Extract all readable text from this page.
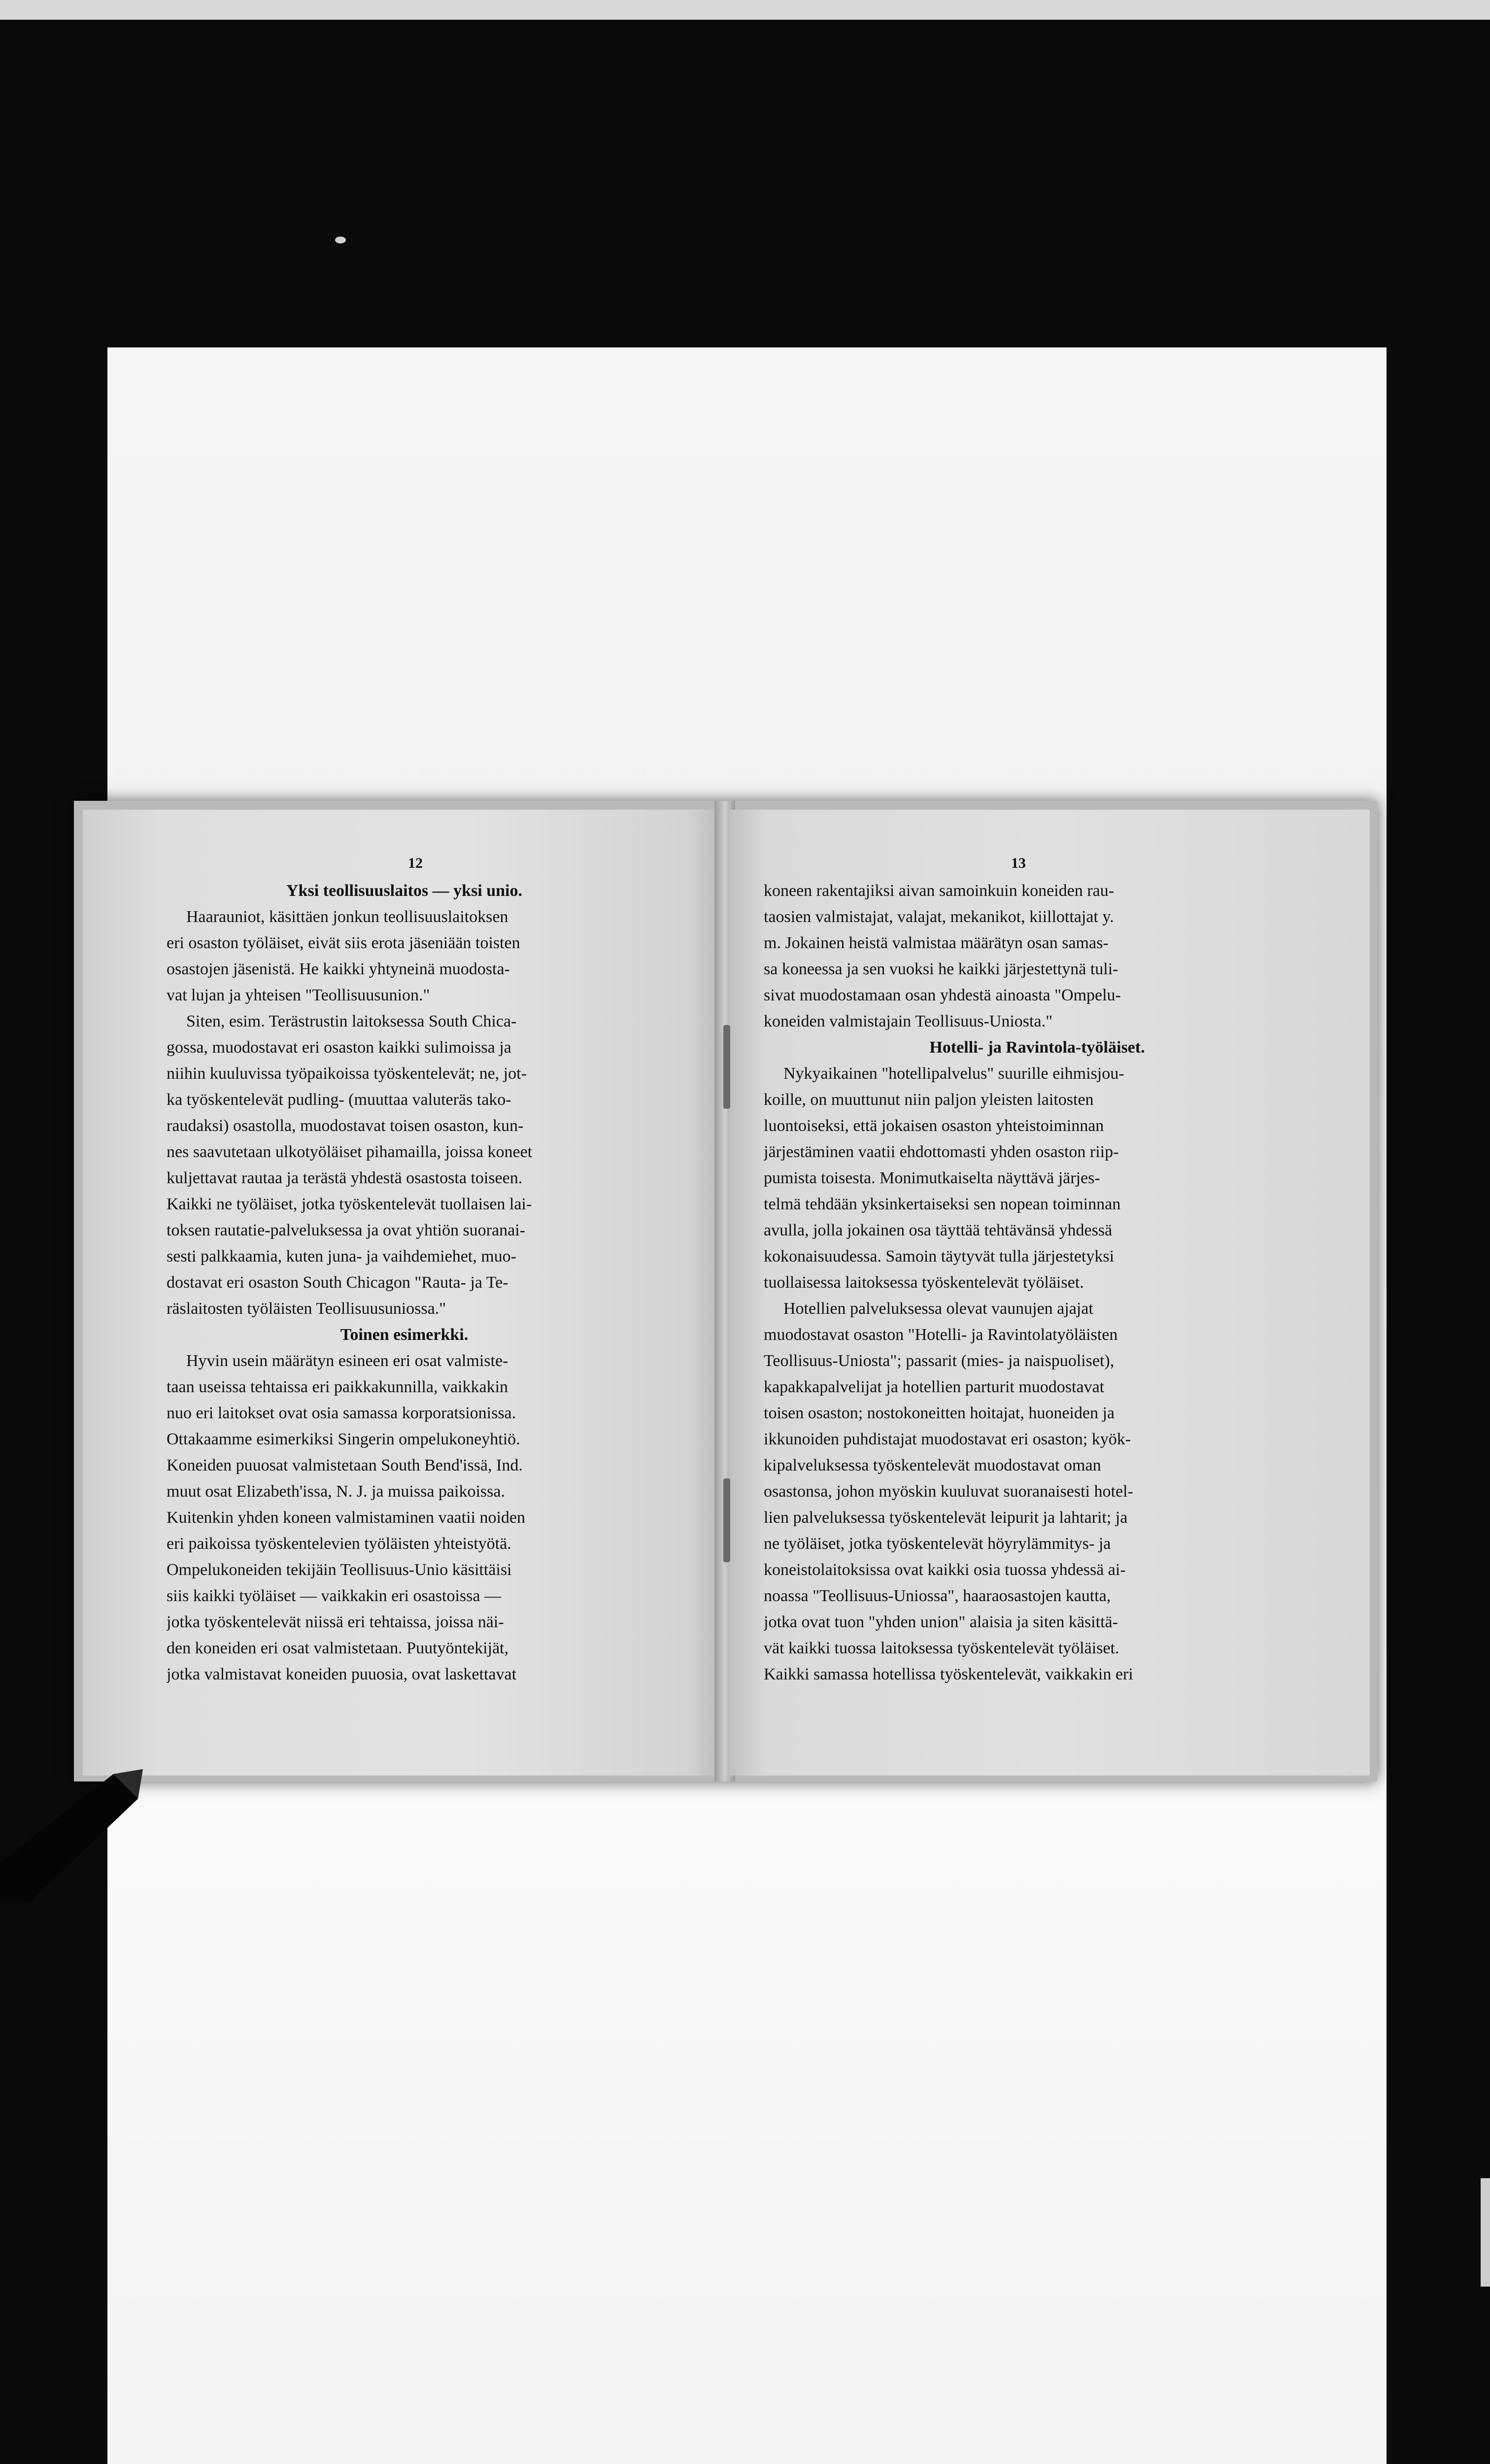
12

Yksi teollisuuslaitos — yksi unio.

Haarauniot, käsittäen jonkun teollisuuslaitoksen

eri osaston työläiset, eivät siis erota jäseniään toisten

osastojen jäsenistä. He kaikki yhtyneinä muodosta-

vat lujan ja yhteisen "Teollisuusunion."

Siten, esim. Terästrustin laitoksessa South Chica-

gossa, muodostavat eri osaston kaikki sulimoissa ja

niihin kuuluvissa työpaikoissa työskentelevät; ne, jot-

ka työskentelevät pudling- (muuttaa valuteräs tako-

raudaksi) osastolla, muodostavat toisen osaston, kun-

nes saavutetaan ulkotyöläiset pihamailla, joissa koneet

kuljettavat rautaa ja terästä yhdestä osastosta toiseen.

Kaikki ne työläiset, jotka työskentelevät tuollaisen lai-

toksen rautatie-palveluksessa ja ovat yhtiön suoranai-

sesti palkkaamia, kuten juna- ja vaihdemiehet, muo-

dostavat eri osaston South Chicagon "Rauta- ja Te-

räslaitosten työläisten Teollisuusuniossa."

Toinen esimerkki.

Hyvin usein määrätyn esineen eri osat valmiste-

taan useissa tehtaissa eri paikkakunnilla, vaikkakin

nuo eri laitokset ovat osia samassa korporatsionissa.

Ottakaamme esimerkiksi Singerin ompelukoneyhtiö.

Koneiden puuosat valmistetaan South Bend'issä, Ind.

muut osat Elizabeth'issa, N. J. ja muissa paikoissa.

Kuitenkin yhden koneen valmistaminen vaatii noiden

eri paikoissa työskentelevien työläisten yhteistyötä.

Ompelukoneiden tekijäin Teollisuus-Unio käsittäisi

siis kaikki työläiset — vaikkakin eri osastoissa —

jotka työskentelevät niissä eri tehtaissa, joissa näi-

den koneiden eri osat valmistetaan. Puutyöntekijät,

jotka valmistavat koneiden puuosia, ovat laskettavat

13

koneen rakentajiksi aivan samoinkuin koneiden rau-

taosien valmistajat, valajat, mekanikot, kiillottajat y.

m. Jokainen heistä valmistaa määrätyn osan samas-

sa koneessa ja sen vuoksi he kaikki järjestettynä tuli-

sivat muodostamaan osan yhdestä ainoasta "Ompelu-

koneiden valmistajain Teollisuus-Uniosta."

Hotelli- ja Ravintola-työläiset.

Nykyaikainen "hotellipalvelus" suurille eihmisjou-

koille, on muuttunut niin paljon yleisten laitosten

luontoiseksi, että jokaisen osaston yhteistoiminnan

järjestäminen vaatii ehdottomasti yhden osaston riip-

pumista toisesta. Monimutkaiselta näyttävä järjes-

telmä tehdään yksinkertaiseksi sen nopean toiminnan

avulla, jolla jokainen osa täyttää tehtävänsä yhdessä

kokonaisuudessa. Samoin täytyvät tulla järjestetyksi

tuollaisessa laitoksessa työskentelevät työläiset.

Hotellien palveluksessa olevat vaunujen ajajat

muodostavat osaston "Hotelli- ja Ravintolatyöläisten

Teollisuus-Uniosta"; passarit (mies- ja naispuoliset),

kapakkapalvelijat ja hotellien parturit muodostavat

toisen osaston; nostokoneitten hoitajat, huoneiden ja

ikkunoiden puhdistajat muodostavat eri osaston; kyök-

kipalveluksessa työskentelevät muodostavat oman

osastonsa, johon myöskin kuuluvat suoranaisesti hotel-

lien palveluksessa työskentelevät leipurit ja lahtarit; ja

ne työläiset, jotka työskentelevät höyrylämmitys- ja

koneistolaitoksissa ovat kaikki osia tuossa yhdessä ai-

noassa "Teollisuus-Uniossa", haaraosastojen kautta,

jotka ovat tuon "yhden union" alaisia ja siten käsittä-

vät kaikki tuossa laitoksessa työskentelevät työläiset.

Kaikki samassa hotellissa työskentelevät, vaikkakin eri
